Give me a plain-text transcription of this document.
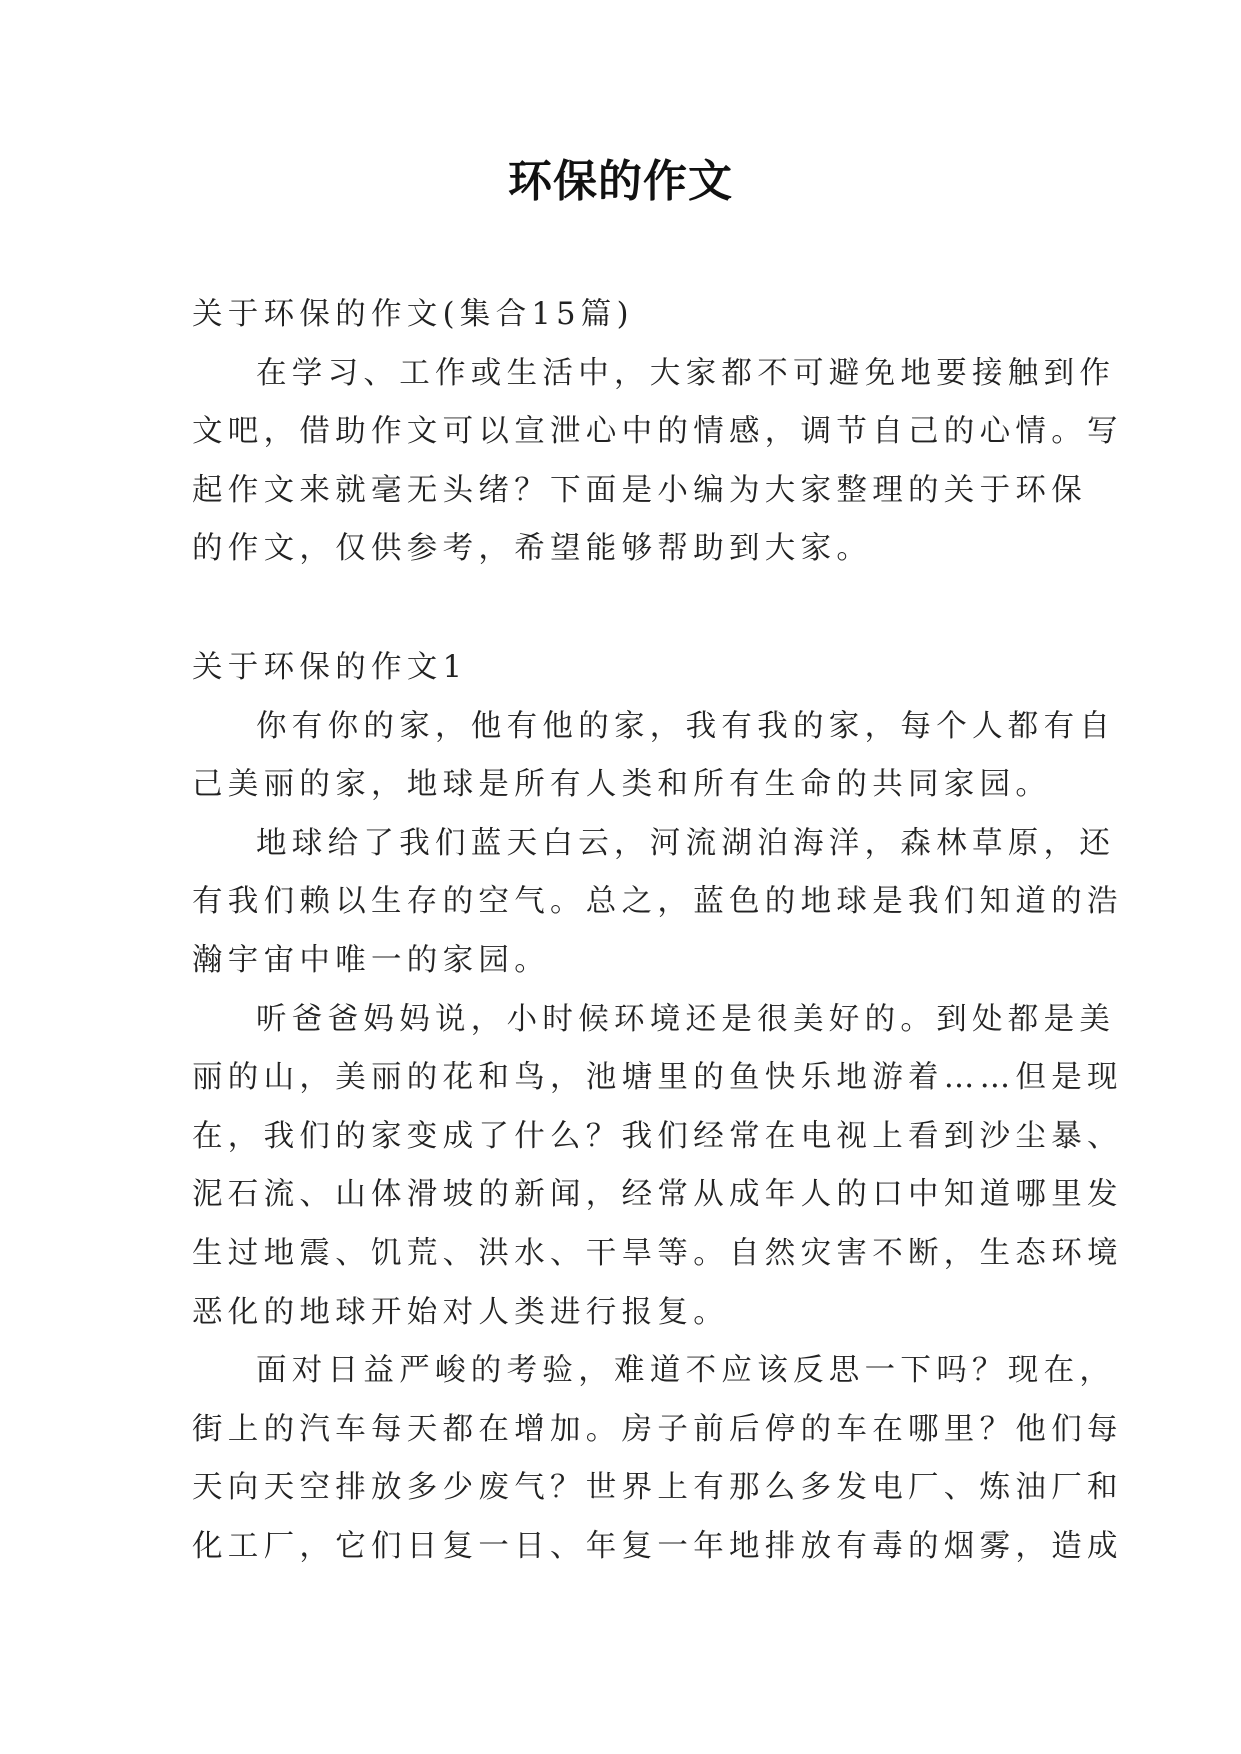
环保的作文
关于环保的作文(集合15篇)
在学习、工作或生活中，大家都不可避免地要接触到作
文吧，借助作文可以宣泄心中的情感，调节自己的心情。写
起作文来就毫无头绪？下面是小编为大家整理的关于环保
的作文，仅供参考，希望能够帮助到大家。
关于环保的作文1
你有你的家，他有他的家，我有我的家，每个人都有自
己美丽的家，地球是所有人类和所有生命的共同家园。
地球给了我们蓝天白云，河流湖泊海洋，森林草原，还
有我们赖以生存的空气。总之，蓝色的地球是我们知道的浩
瀚宇宙中唯一的家园。
听爸爸妈妈说，小时候环境还是很美好的。到处都是美
丽的山，美丽的花和鸟，池塘里的鱼快乐地游着……但是现
在，我们的家变成了什么？我们经常在电视上看到沙尘暴、
泥石流、山体滑坡的新闻，经常从成年人的口中知道哪里发
生过地震、饥荒、洪水、干旱等。自然灾害不断，生态环境
恶化的地球开始对人类进行报复。
面对日益严峻的考验，难道不应该反思一下吗？现在，
街上的汽车每天都在增加。房子前后停的车在哪里？他们每
天向天空排放多少废气？世界上有那么多发电厂、炼油厂和
化工厂，它们日复一日、年复一年地排放有毒的烟雾，造成
